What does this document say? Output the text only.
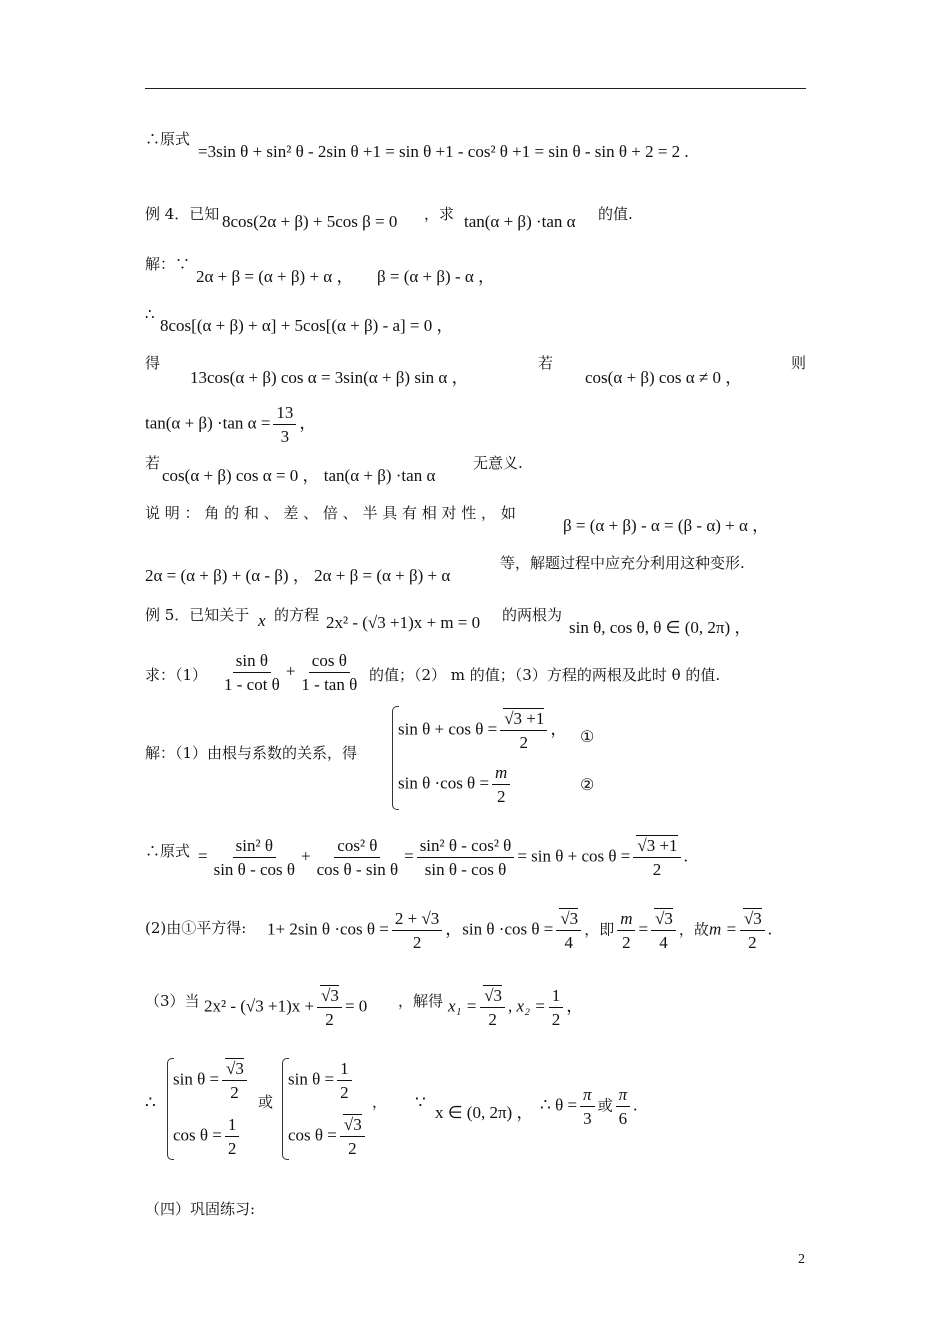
∴原式
=3sin θ + sin² θ - 2sin θ +1 = sin θ +1 - cos² θ +1 = sin θ - sin θ + 2 = 2 .
例 4．已知 8cos(2α + β) + 5cos β = 0 ，求 tan(α + β) ·tan α 的值.
解：∵
2α + β = (α + β) + α ， β = (α + β) - α ，
∴
8cos[(α + β) + α] + 5cos[(α + β) - a] = 0 ，
得
13cos(α + β) cos α = 3sin(α + β) sin α ，
若
cos(α + β) cos α ≠ 0 ，
则
tan(α + β) ·tan $\alpha = \frac{13}{3}$ ，
若
cos(α + β) cos α = 0 ， tan(α + β) ·tan α
无意义.
说 明 ： 角 的 和 、 差 、 倍 、 半 具 有 相 对 性 ， 如
β = (α + β) - α = (β - α) + α ，
2α = (α + β) + (α - β) ， 2α + β = (α + β) + α
等，解题过程中应充分利用这种变形.
例 5．已知关于 x 的方程 2x² - (√3 +1)x + m = 0 的两根为
sin θ, cos θ, θ ∈ (0, 2π) ，
求：$(1) \frac{\text{sin θ}}{\text{1 - cot θ}} + \frac{\text{cos θ}}{\text{1 - tan θ}}$ 的值；（2） m 的值；（3）方程的两根及此时 θ 的值.
解：（1）由根与系数的关系，得
$\sin \theta + \cos \theta = \frac{√3 +1}{2}$ ， ①
sin θ ·cos $\theta = \frac{m}{2}$	②
∴原式 = $\frac{\text{sin² θ}}{\text{sin θ - cos θ}} + \frac{\text{cos² θ}}{\text{cos θ - sin θ}} = \frac{\text{sin² θ - cos² θ}}{\text{sin θ - cos θ}} = \sin \theta + \cos \theta = \frac{√3 +1}{2}$ .
(2)由①平方得: 1+ 2sin θ ·cos $\theta = \frac{2 + √3}{2}$ ，sin θ ·cos $\theta = \frac{√3}{4}$ ，即 $\frac{m}{2} = \frac{√3}{4}$ ，故$m = \frac{√3}{2}$ .
（3）当 $2x^2 - (√3 +1)x + \frac{√3}{2} = 0$ ，解得 $x_1 = \frac{√3}{2}$ , $x_2 = \frac{1}{2}$ ，
∴
$\sin \theta = \frac{√3}{2}$
$\cos \theta = \frac{1}{2}$
或
$\sin \theta = \frac{1}{2}$
$\cos \theta = \frac{√3}{2}$
， ∵ x ∈ (0, 2π) ， ∴ $\theta = \frac{\pi}{3}$ 或 $\frac{\pi}{6}$ .
（四）巩固练习:
2
